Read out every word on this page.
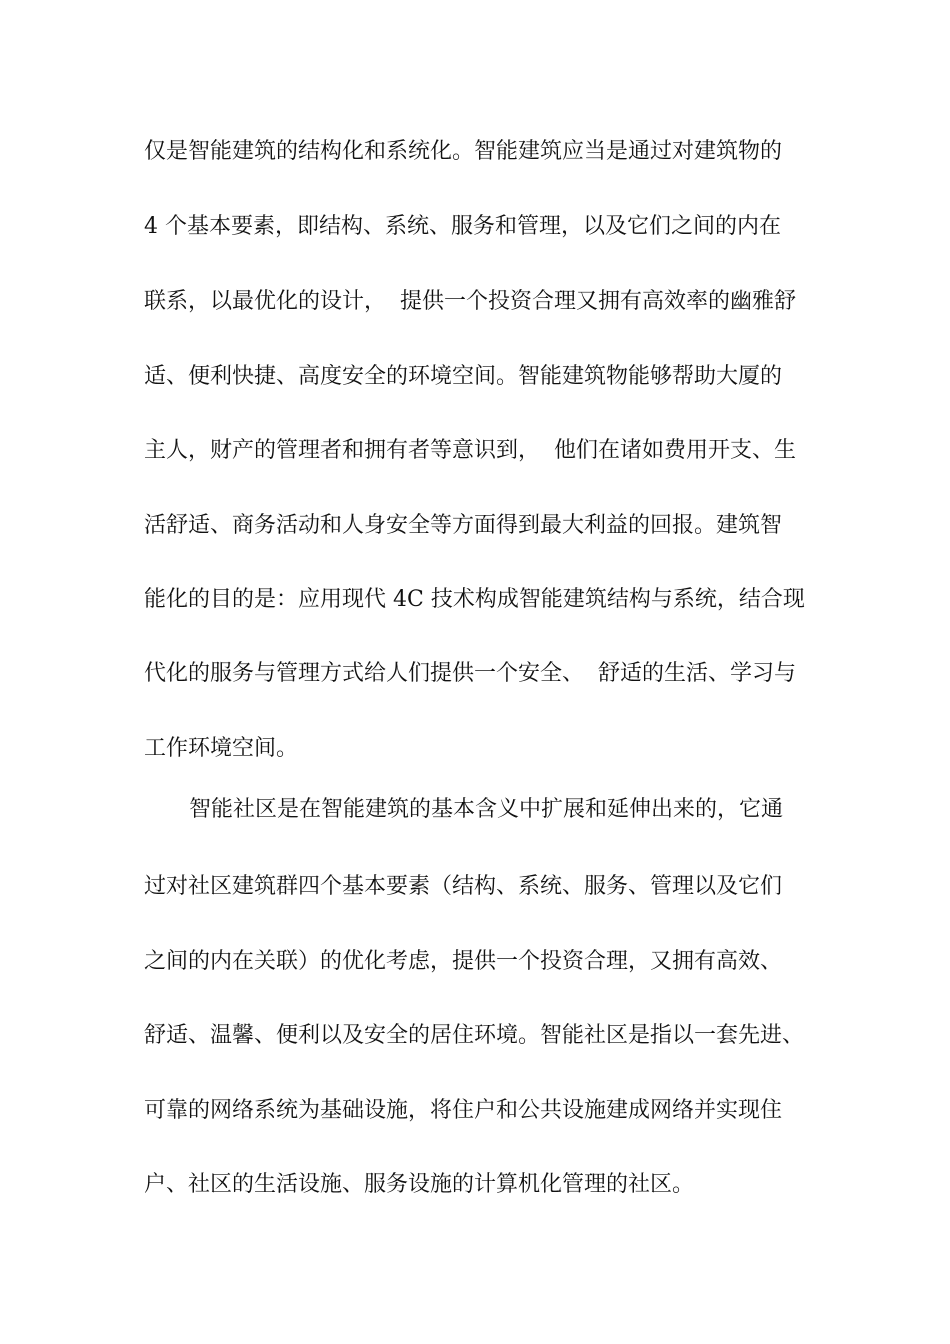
仅是智能建筑的结构化和系统化。智能建筑应当是通过对建筑物的
4 个基本要素，即结构、系统、服务和管理，以及它们之间的内在
联系，以最优化的设计，  提供一个投资合理又拥有高效率的幽雅舒
适、便利快捷、高度安全的环境空间。智能建筑物能够帮助大厦的
主人，财产的管理者和拥有者等意识到，  他们在诸如费用开支、生
活舒适、商务活动和人身安全等方面得到最大利益的回报。建筑智
能化的目的是：应用现代 4C 技术构成智能建筑结构与系统，结合现
代化的服务与管理方式给人们提供一个安全、  舒适的生活、学习与
工作环境空间。
智能社区是在智能建筑的基本含义中扩展和延伸出来的，它通
过对社区建筑群四个基本要素（结构、系统、服务、管理以及它们
之间的内在关联）的优化考虑，提供一个投资合理，又拥有高效、
舒适、温馨、便利以及安全的居住环境。智能社区是指以一套先进、
可靠的网络系统为基础设施，将住户和公共设施建成网络并实现住
户、社区的生活设施、服务设施的计算机化管理的社区。
